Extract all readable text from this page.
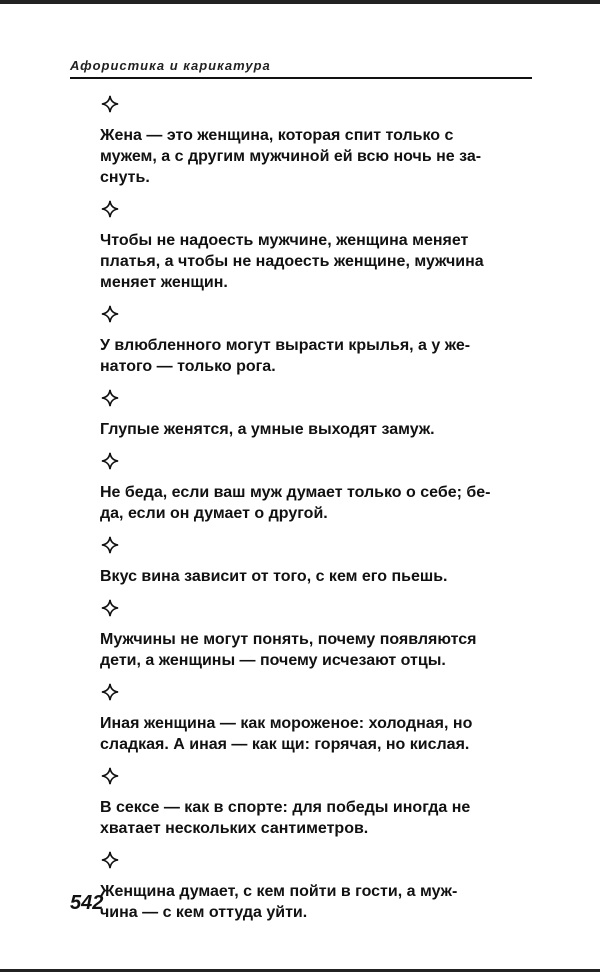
Афористика и карикатура
Жена — это женщина, которая спит только с
мужем, а с другим мужчиной ей всю ночь не за-
снуть.
Чтобы не надоесть мужчине, женщина меняет
платья, а чтобы не надоесть женщине, мужчина
меняет женщин.
У влюбленного могут вырасти крылья, а у же-
натого — только рога.
Глупые женятся, а умные выходят замуж.
Не беда, если ваш муж думает только о себе; бе-
да, если он думает о другой.
Вкус вина зависит от того, с кем его пьешь.
Мужчины не могут понять, почему появляются
дети, а женщины — почему исчезают отцы.
Иная женщина — как мороженое: холодная, но
сладкая. А иная — как щи: горячая, но кислая.
В сексе — как в спорте: для победы иногда не
хватает нескольких сантиметров.
Женщина думает, с кем пойти в гости, а муж-
чина — с кем оттуда уйти.
542
